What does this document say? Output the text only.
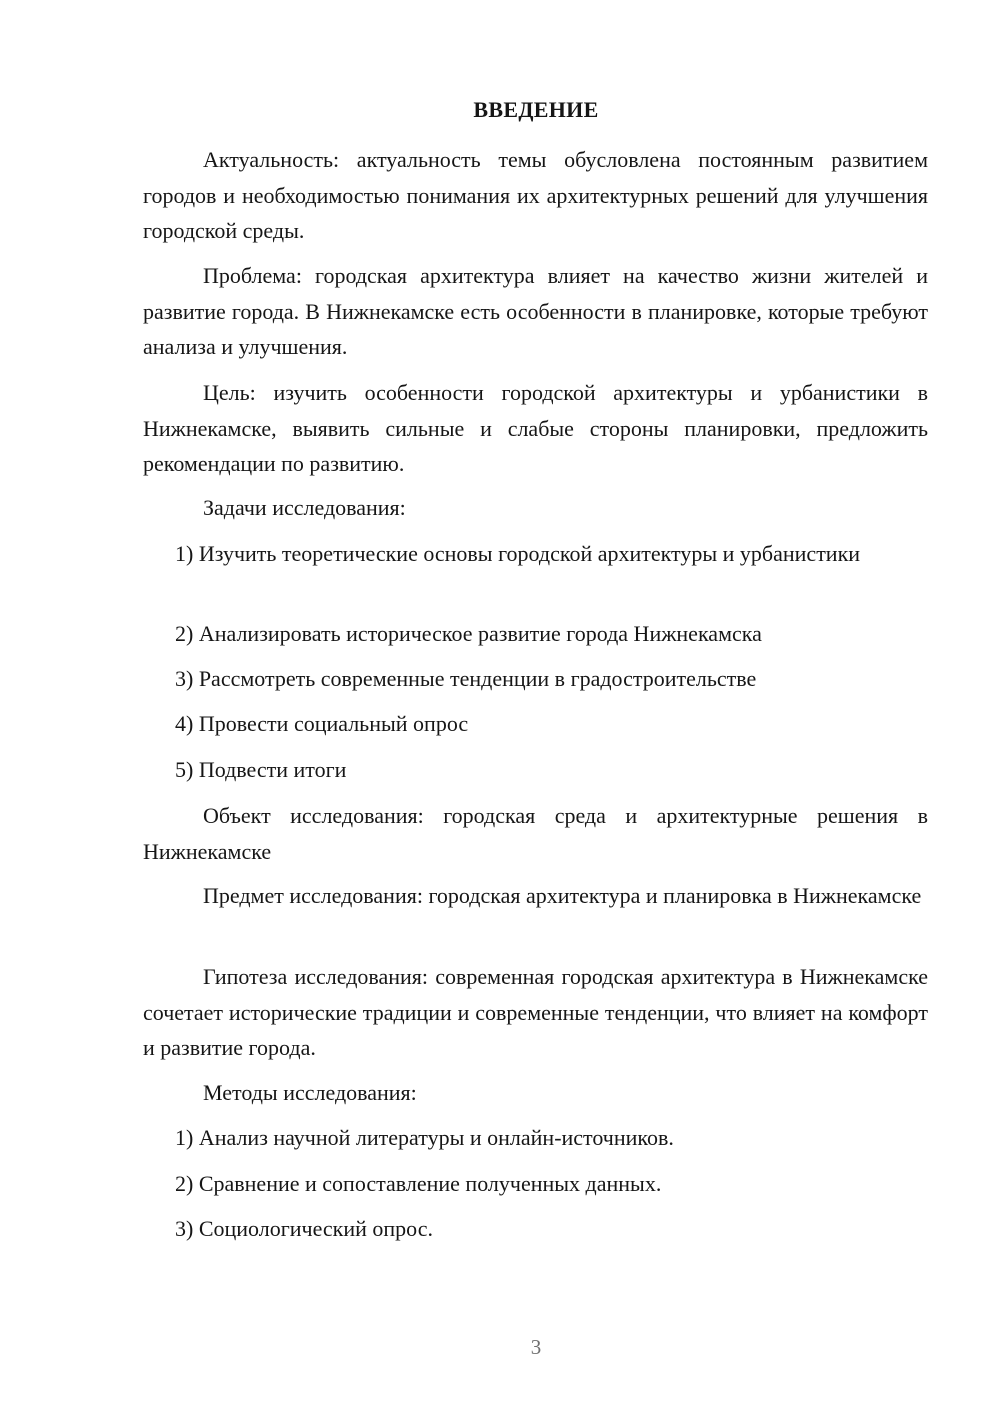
ВВЕДЕНИЕ

Актуальность: актуальность темы обусловлена постоянным развитием городов и необходимостью понимания их архитектурных решений для улучшения городской среды.

Проблема: городская архитектура влияет на качество жизни жителей и развитие города. В Нижнекамске есть особенности в планировке, которые требуют анализа и улучшения.

Цель: изучить особенности городской архитектуры и урбанистики в Нижнекамске, выявить сильные и слабые стороны планировки, предложить рекомендации по развитию.

Задачи исследования:

1) Изучить теоретические основы городской архитектуры и урбанистики

2) Анализировать историческое развитие города Нижнекамска
3) Рассмотреть современные тенденции в градостроительстве
4) Провести социальный опрос
5) Подвести итоги

Объект исследования: городская среда и архитектурные решения в Нижнекамске

Предмет исследования: городская архитектура и планировка в Нижнекамске

Гипотеза исследования: современная городская архитектура в Нижнекамске сочетает исторические традиции и современные тенденции, что влияет на комфорт и развитие города.

Методы исследования:
1) Анализ научной литературы и онлайн-источников.
2) Сравнение и сопоставление полученных данных.
3) Социологический опрос.
3
